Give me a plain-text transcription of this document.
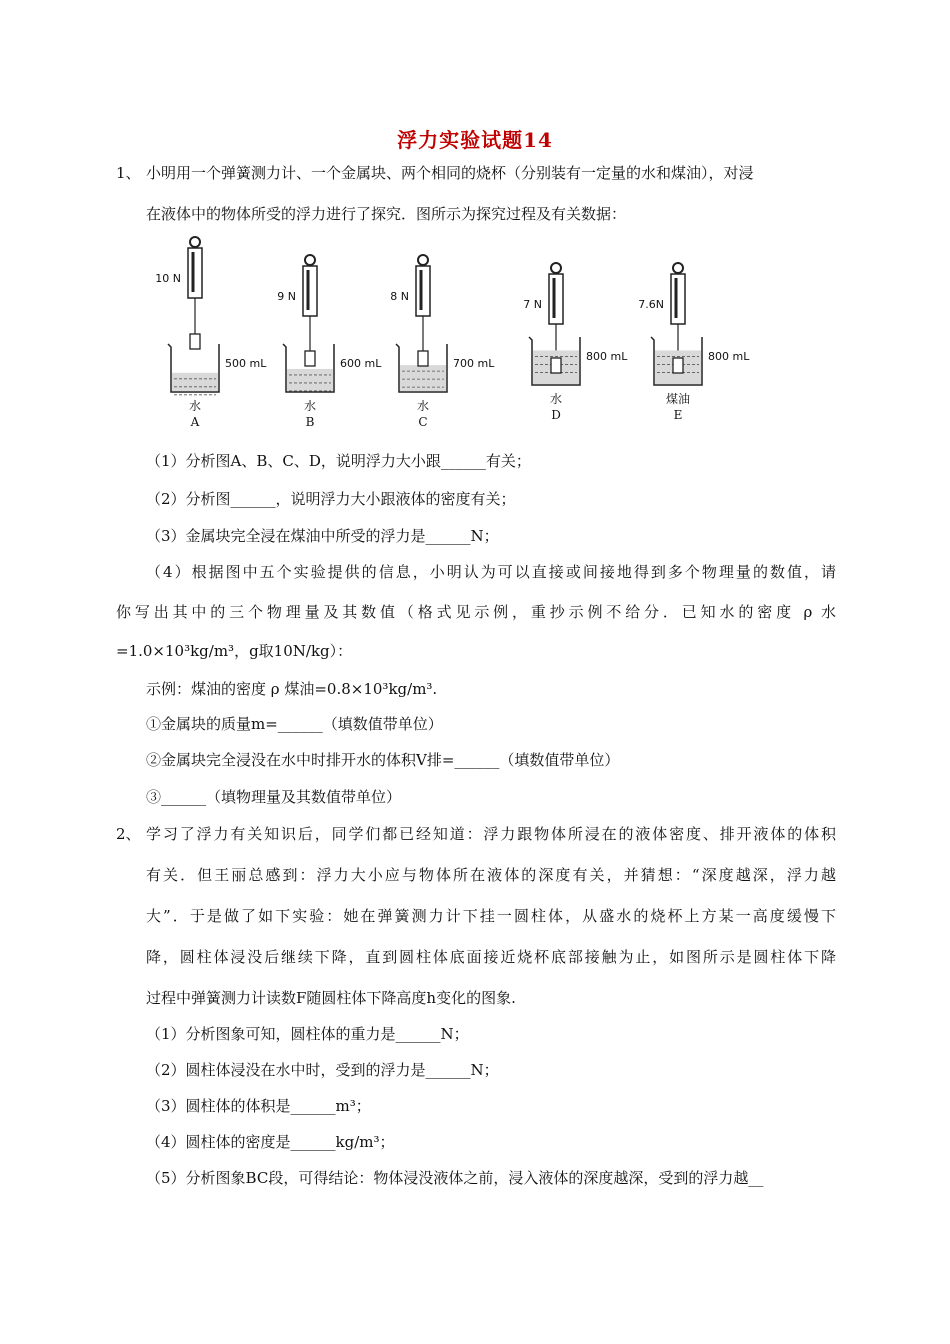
浮力实验试题14
1、 小明用一个弹簧测力计、一个金属块、两个相同的烧杯（分别装有一定量的水和煤油），对浸
在液体中的物体所受的浮力进行了探究．图所示为探究过程及有关数据：
10 N
500 mL
水
A
9 N
600 mL
水
B
8 N
700 mL
水
C
7 N
800 mL
水
D
7.6N
800 mL
煤油
E
（1）分析图A、B、C、D，说明浮力大小跟______有关；
（2）分析图______，说明浮力大小跟液体的密度有关；
（3）金属块完全浸在煤油中所受的浮力是______N；
（4）根据图中五个实验提供的信息，小明认为可以直接或间接地得到多个物理量的数值，请
你写出其中的三个物理量及其数值（格式见示例，重抄示例不给分．已知水的密度 ρ 水
=1.0×10³kg/m³，g取10N/kg）：
示例：煤油的密度 ρ 煤油=0.8×10³kg/m³.
①金属块的质量m=______（填数值带单位）
②金属块完全浸没在水中时排开水的体积V排=______（填数值带单位）
③______（填物理量及其数值带单位）
2、 学习了浮力有关知识后，同学们都已经知道：浮力跟物体所浸在的液体密度、排开液体的体积
有关．但王丽总感到：浮力大小应与物体所在液体的深度有关，并猜想：“深度越深，浮力越
大”．于是做了如下实验：她在弹簧测力计下挂一圆柱体，从盛水的烧杯上方某一高度缓慢下
降，圆柱体浸没后继续下降，直到圆柱体底面接近烧杯底部接触为止，如图所示是圆柱体下降
过程中弹簧测力计读数F随圆柱体下降高度h变化的图象.
（1）分析图象可知，圆柱体的重力是______N；
（2）圆柱体浸没在水中时，受到的浮力是______N；
（3）圆柱体的体积是______m³；
（4）圆柱体的密度是______kg/m³；
（5）分析图象BC段，可得结论：物体浸没液体之前，浸入液体的深度越深，受到的浮力越__
